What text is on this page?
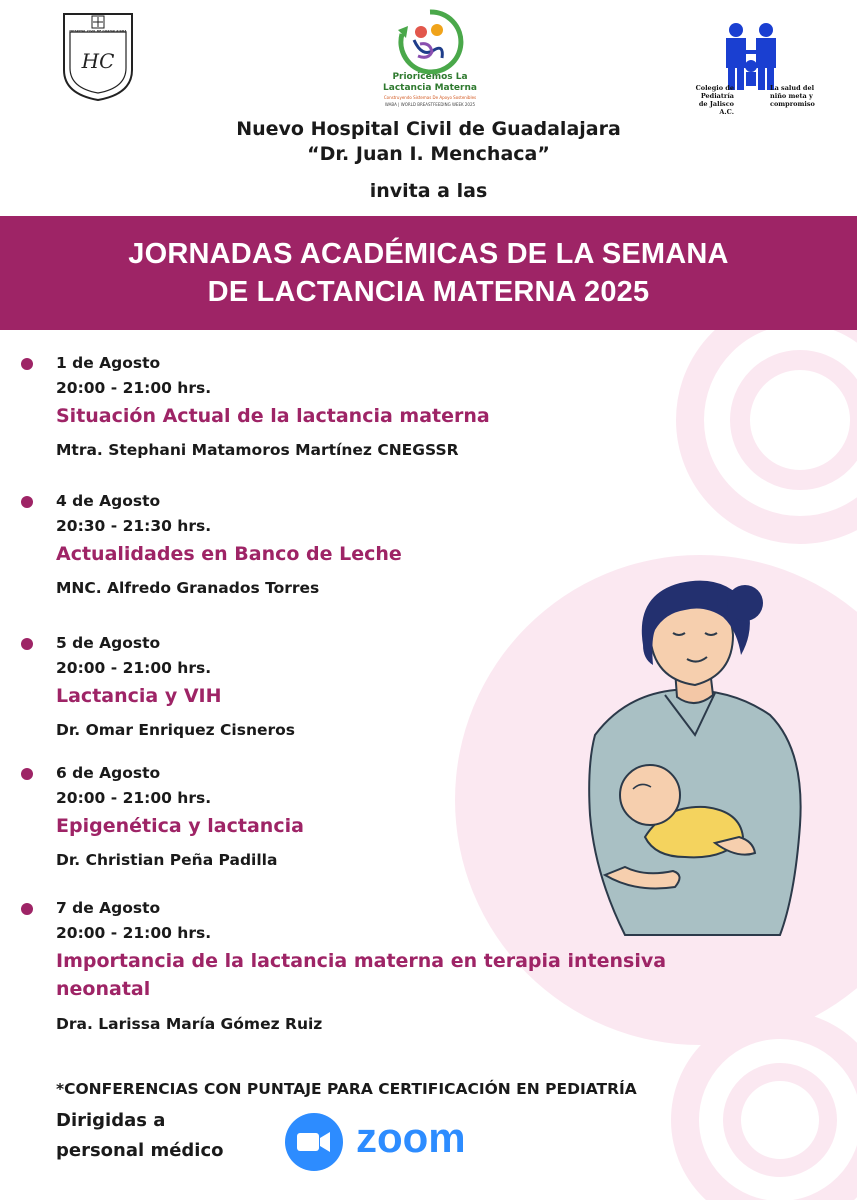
HC
HOSPITAL CIVIL DE GUADALAJARA
Prioricemos La
Lactancia Materna
Construyendo Sistemas De Apoyo Sostenibles
WABA | WORLD BREASTFEEDING WEEK 2025
Colegio de Pediatría de Jalisco A.C.
La salud del niño meta y compromiso
Nuevo Hospital Civil de Guadalajara
“Dr. Juan I. Menchaca”
invita a las
JORNADAS ACADÉMICAS DE LA SEMANA
DE LACTANCIA MATERNA 2025
1 de Agosto
20:00 - 21:00 hrs.
Situación Actual de la lactancia materna
Mtra. Stephani Matamoros Martínez CNEGSSR
4 de Agosto
20:30 - 21:30 hrs.
Actualidades en Banco de Leche
MNC. Alfredo Granados Torres
5 de Agosto
20:00 - 21:00 hrs.
Lactancia y VIH
Dr. Omar Enriquez Cisneros
6 de Agosto
20:00 - 21:00 hrs.
Epigenética y lactancia
Dr. Christian Peña Padilla
7 de Agosto
20:00 - 21:00 hrs.
Importancia de la lactancia materna en terapia intensiva
neonatal
Dra. Larissa María Gómez Ruiz
*CONFERENCIAS CON PUNTAJE PARA CERTIFICACIÓN EN PEDIATRÍA
Dirigidas a
personal médico	zoom
